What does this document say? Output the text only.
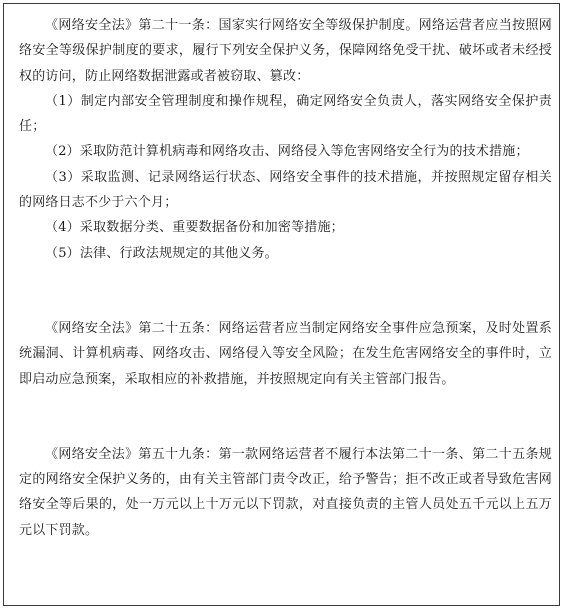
《网络安全法》第二十一条：国家实行网络安全等级保护制度。网络运营者应当按照网络安全等级保护制度的要求，履行下列安全保护义务，保障网络免受干扰、破坏或者未经授权的访问，防止网络数据泄露或者被窃取、篡改：

（1）制定内部安全管理制度和操作规程，确定网络安全负责人，落实网络安全保护责任；

（2）采取防范计算机病毒和网络攻击、网络侵入等危害网络安全行为的技术措施；

（3）采取监测、记录网络运行状态、网络安全事件的技术措施，并按照规定留存相关的网络日志不少于六个月；

（4）采取数据分类、重要数据备份和加密等措施；

（5）法律、行政法规规定的其他义务。

《网络安全法》第二十五条：网络运营者应当制定网络安全事件应急预案，及时处置系统漏洞、计算机病毒、网络攻击、网络侵入等安全风险；在发生危害网络安全的事件时，立即启动应急预案，采取相应的补救措施，并按照规定向有关主管部门报告。

《网络安全法》第五十九条：第一款网络运营者不履行本法第二十一条、第二十五条规定的网络安全保护义务的，由有关主管部门责令改正，给予警告；拒不改正或者导致危害网络安全等后果的，处一万元以上十万元以下罚款，对直接负责的主管人员处五千元以上五万元以下罚款。
